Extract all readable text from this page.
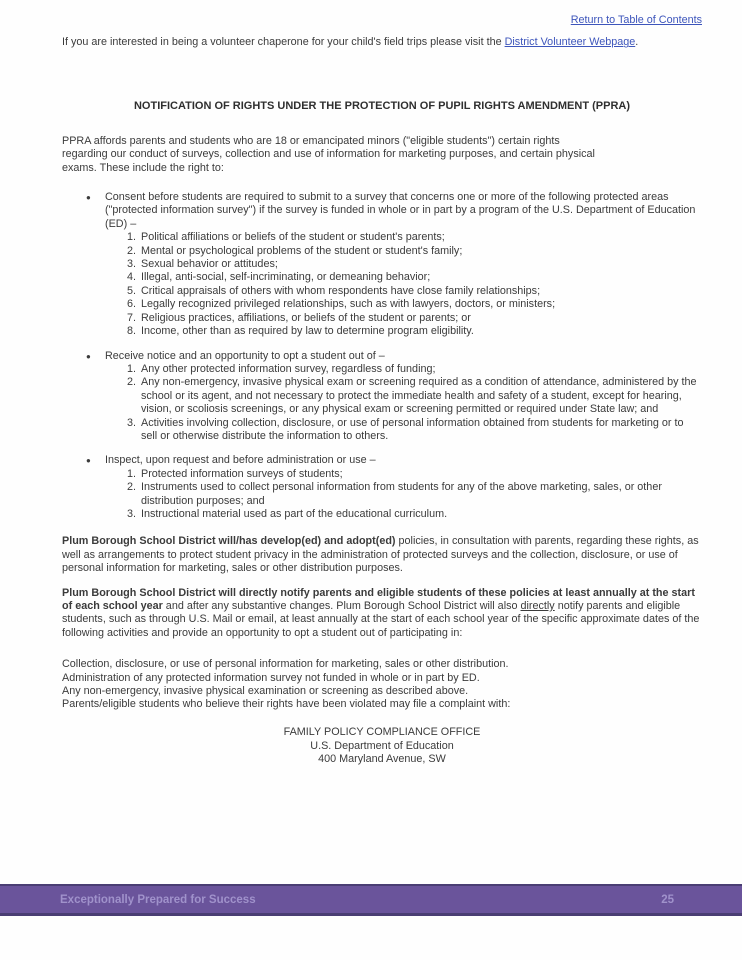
Return to Table of Contents

If you are interested in being a volunteer chaperone for your child's field trips please visit the District Volunteer Webpage.

NOTIFICATION OF RIGHTS UNDER THE PROTECTION OF PUPIL RIGHTS AMENDMENT (PPRA)

PPRA affords parents and students who are 18 or emancipated minors ("eligible students") certain rights regarding our conduct of surveys, collection and use of information for marketing purposes, and certain physical exams. These include the right to:

●	Consent before students are required to submit to a survey that concerns one or more of the following protected areas ("protected information survey") if the survey is funded in whole or in part by a program of the U.S. Department of Education (ED) –
1. Political affiliations or beliefs of the student or student's parents;
2. Mental or psychological problems of the student or student's family;
3. Sexual behavior or attitudes;
4. Illegal, anti-social, self-incriminating, or demeaning behavior;
5. Critical appraisals of others with whom respondents have close family relationships;
6. Legally recognized privileged relationships, such as with lawyers, doctors, or ministers;
7. Religious practices, affiliations, or beliefs of the student or parents; or
8. Income, other than as required by law to determine program eligibility.
●	Receive notice and an opportunity to opt a student out of –
1. Any other protected information survey, regardless of funding;
2. Any non-emergency, invasive physical exam or screening required as a condition of attendance, administered by the school or its agent, and not necessary to protect the immediate health and safety of a student, except for hearing, vision, or scoliosis screenings, or any physical exam or screening permitted or required under State law; and
3. Activities involving collection, disclosure, or use of personal information obtained from students for marketing or to sell or otherwise distribute the information to others.
●	Inspect, upon request and before administration or use –
1. Protected information surveys of students;
2. Instruments used to collect personal information from students for any of the above marketing, sales, or other distribution purposes; and
3. Instructional material used as part of the educational curriculum.

Plum Borough School District will/has develop(ed) and adopt(ed) policies, in consultation with parents, regarding these rights, as well as arrangements to protect student privacy in the administration of protected surveys and the collection, disclosure, or use of personal information for marketing, sales or other distribution purposes.

Plum Borough School District will directly notify parents and eligible students of these policies at least annually at the start of each school year and after any substantive changes. Plum Borough School District will also directly notify parents and eligible students, such as through U.S. Mail or email, at least annually at the start of each school year of the specific approximate dates of the following activities and provide an opportunity to opt a student out of participating in:

Collection, disclosure, or use of personal information for marketing, sales or other distribution.
Administration of any protected information survey not funded in whole or in part by ED.
Any non-emergency, invasive physical examination or screening as described above.
Parents/eligible students who believe their rights have been violated may file a complaint with:
FAMILY POLICY COMPLIANCE OFFICE
U.S. Department of Education
400 Maryland Avenue, SW
Exceptionally Prepared for Success	25
